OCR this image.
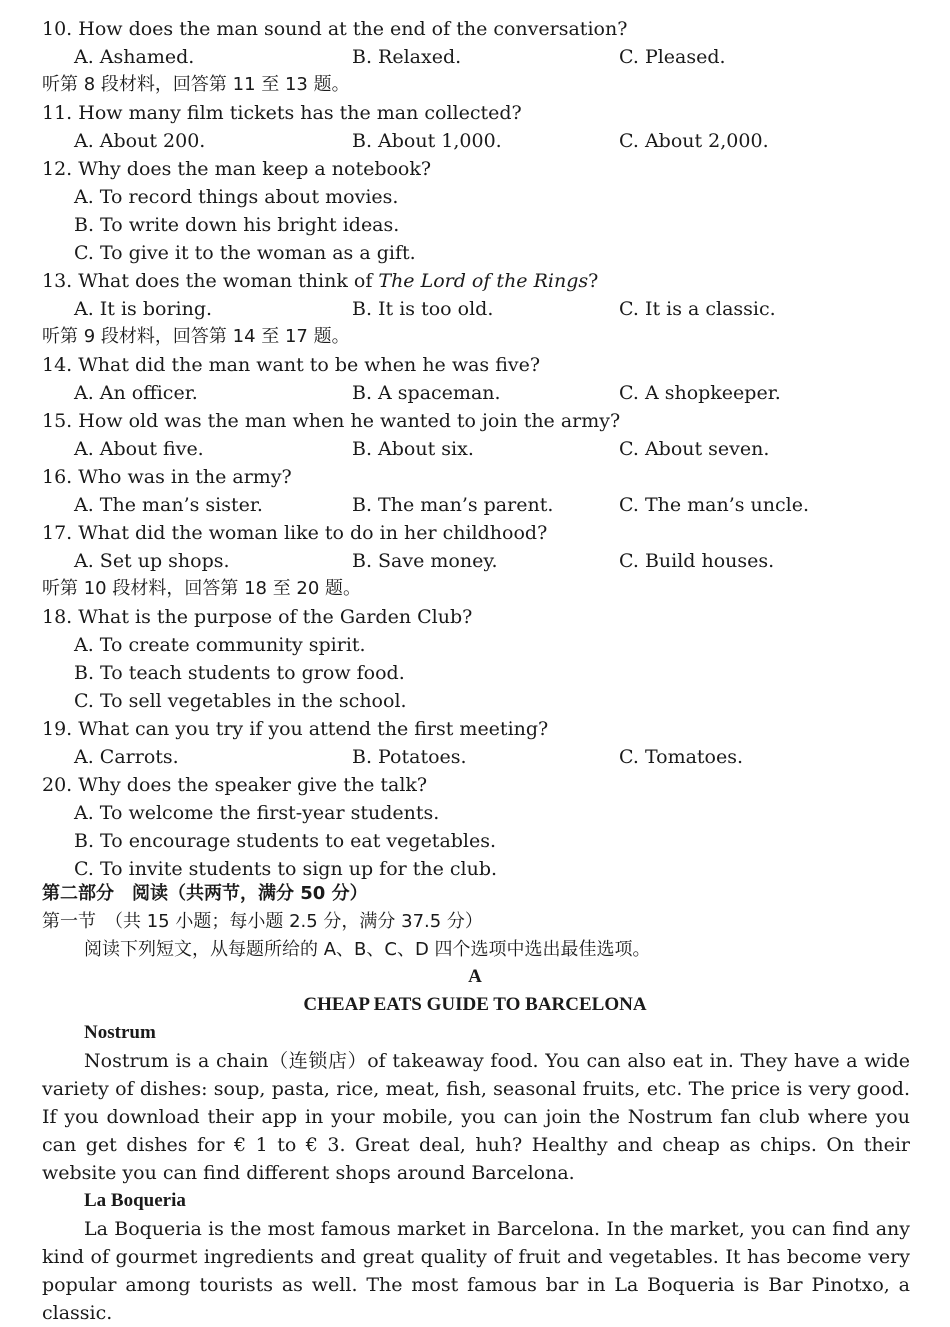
10. How does the man sound at the end of the conversation?
A. Ashamed.	B. Relaxed.	C. Pleased.
听第 8 段材料，回答第 11 至 13 题。
11. How many film tickets has the man collected?
A. About 200.	B. About 1,000.	C. About 2,000.
12. Why does the man keep a notebook?
A. To record things about movies.
B. To write down his bright ideas.
C. To give it to the woman as a gift.
13. What does the woman think of The Lord of the Rings?
A. It is boring.	B. It is too old.	C. It is a classic.
听第 9 段材料，回答第 14 至 17 题。
14. What did the man want to be when he was five?
A. An officer.	B. A spaceman.	C. A shopkeeper.
15. How old was the man when he wanted to join the army?
A. About five.	B. About six.	C. About seven.
16. Who was in the army?
A. The man’s sister.	B. The man’s parent.	C. The man’s uncle.
17. What did the woman like to do in her childhood?
A. Set up shops.	B. Save money.	C. Build houses.
听第 10 段材料，回答第 18 至 20 题。
18. What is the purpose of the Garden Club?
A. To create community spirit.
B. To teach students to grow food.
C. To sell vegetables in the school.
19. What can you try if you attend the first meeting?
A. Carrots.	B. Potatoes.	C. Tomatoes.
20. Why does the speaker give the talk?
A. To welcome the first-year students.
B. To encourage students to eat vegetables.
C. To invite students to sign up for the club.
第二部分　阅读（共两节，满分 50 分）
第一节　（共 15 小题；每小题 2.5 分，满分 37.5 分）
阅读下列短文，从每题所给的 A、B、C、D 四个选项中选出最佳选项。
A
CHEAP EATS GUIDE TO BARCELONA
Nostrum

Nostrum is a chain（连锁店）of takeaway food. You can also eat in. They have a wide variety of dishes: soup, pasta, rice, meat, fish, seasonal fruits, etc. The price is very good. If you download their app in your mobile, you can join the Nostrum fan club where you can get dishes for € 1 to € 3. Great deal, huh? Healthy and cheap as chips. On their website you can find different shops around Barcelona.

La Boqueria

La Boqueria is the most famous market in Barcelona. In the market, you can find any kind of gourmet ingredients and great quality of fruit and vegetables. It has become very popular among tourists as well. The most famous bar in La Boqueria is Bar Pinotxo, a classic.
